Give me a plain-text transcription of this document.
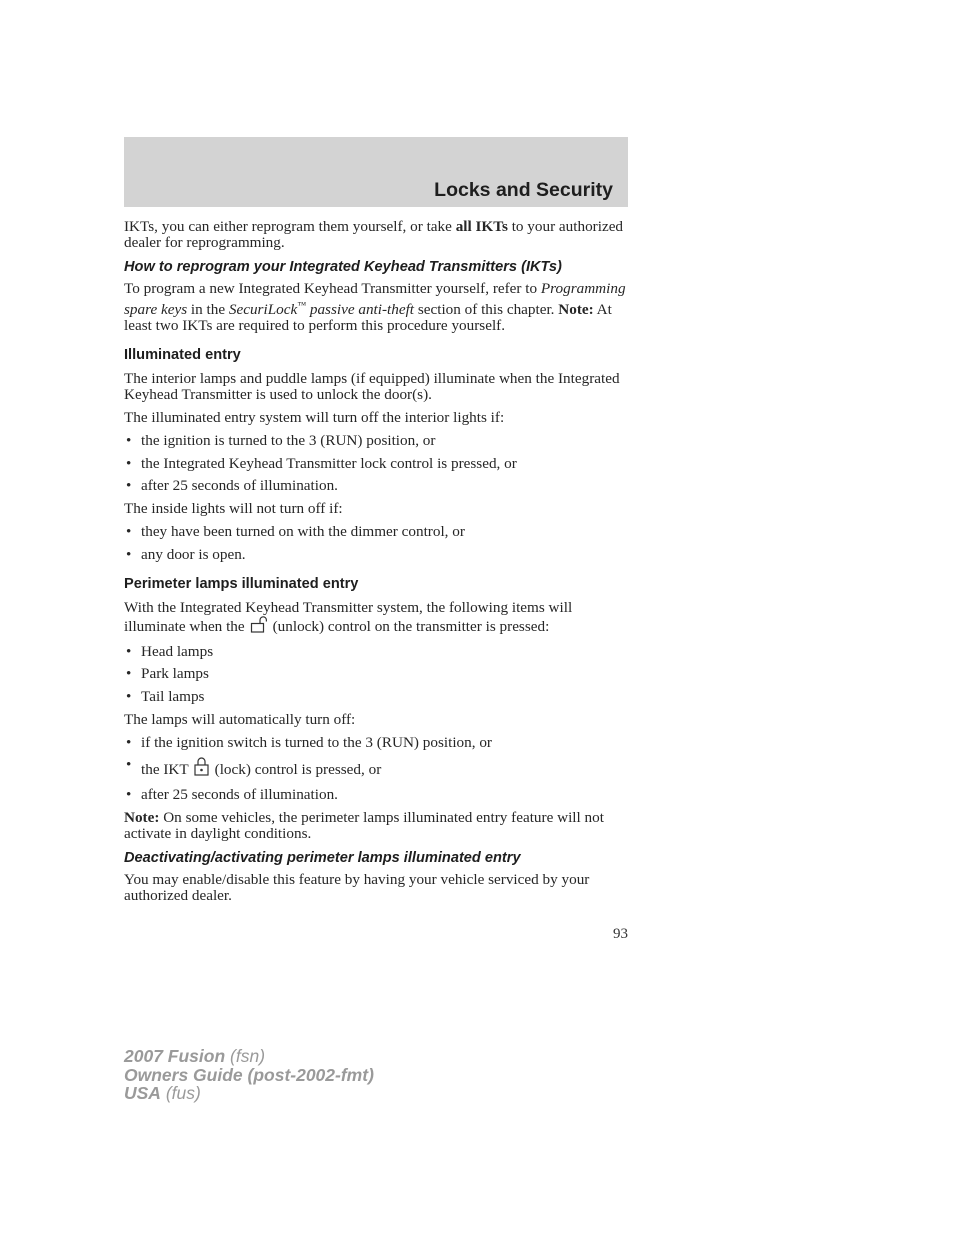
Locks and Security

IKTs, you can either reprogram them yourself, or take all IKTs to your authorized dealer for reprogramming.

How to reprogram your Integrated Keyhead Transmitters (IKTs)

To program a new Integrated Keyhead Transmitter yourself, refer to Programming spare keys in the SecuriLock™ passive anti-theft section of this chapter. Note: At least two IKTs are required to perform this procedure yourself.

Illuminated entry

The interior lamps and puddle lamps (if equipped) illuminate when the Integrated Keyhead Transmitter is used to unlock the door(s).

The illuminated entry system will turn off the interior lights if:

• the ignition is turned to the 3 (RUN) position, or
• the Integrated Keyhead Transmitter lock control is pressed, or
• after 25 seconds of illumination.

The inside lights will not turn off if:

• they have been turned on with the dimmer control, or
• any door is open.
Perimeter lamps illuminated entry

With the Integrated Keyhead Transmitter system, the following items will illuminate when the (unlock) control on the transmitter is pressed:

• Head lamps
• Park lamps
• Tail lamps

The lamps will automatically turn off:

• if the ignition switch is turned to the 3 (RUN) position, or
• the IKT (lock) control is pressed, or
• after 25 seconds of illumination.

Note: On some vehicles, the perimeter lamps illuminated entry feature will not activate in daylight conditions.

Deactivating/activating perimeter lamps illuminated entry

You may enable/disable this feature by having your vehicle serviced by your authorized dealer.

93
2007 Fusion (fsn)
Owners Guide (post-2002-fmt)
USA (fus)
